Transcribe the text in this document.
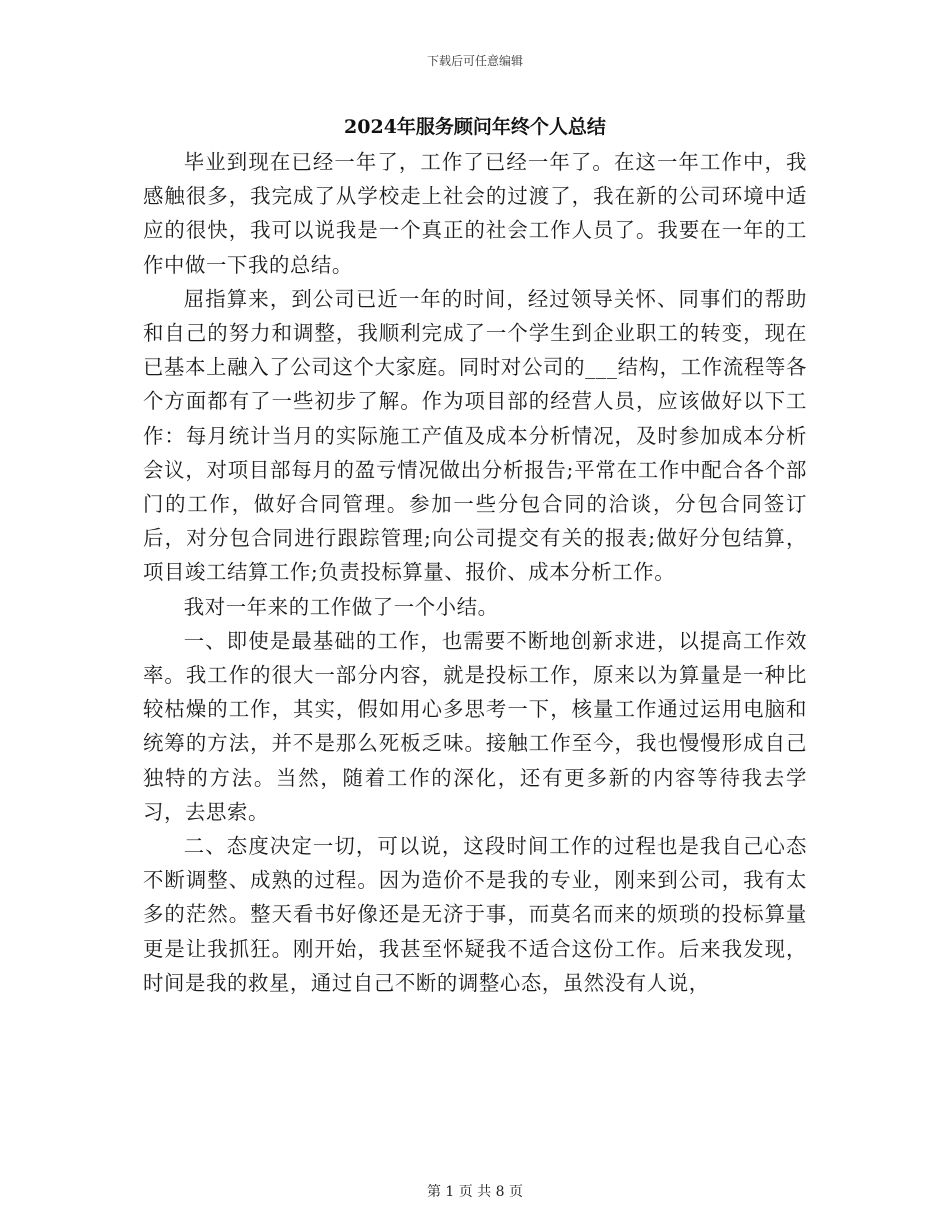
下载后可任意编辑
2024年服务顾问年终个人总结

毕业到现在已经一年了，工作了已经一年了。在这一年工作中，我感触很多，我完成了从学校走上社会的过渡了，我在新的公司环境中适应的很快，我可以说我是一个真正的社会工作人员了。我要在一年的工作中做一下我的总结。

屈指算来，到公司已近一年的时间，经过领导关怀、同事们的帮助和自己的努力和调整，我顺利完成了一个学生到企业职工的转变，现在已基本上融入了公司这个大家庭。同时对公司的___结构，工作流程等各个方面都有了一些初步了解。作为项目部的经营人员，应该做好以下工作：每月统计当月的实际施工产值及成本分析情况，及时参加成本分析会议，对项目部每月的盈亏情况做出分析报告;平常在工作中配合各个部门的工作，做好合同管理。参加一些分包合同的洽谈，分包合同签订后，对分包合同进行跟踪管理;向公司提交有关的报表;做好分包结算，项目竣工结算工作;负责投标算量、报价、成本分析工作。

我对一年来的工作做了一个小结。

一、即使是最基础的工作，也需要不断地创新求进，以提高工作效率。我工作的很大一部分内容，就是投标工作，原来以为算量是一种比较枯燥的工作，其实，假如用心多思考一下，核量工作通过运用电脑和统筹的方法，并不是那么死板乏味。接触工作至今，我也慢慢形成自己独特的方法。当然，随着工作的深化，还有更多新的内容等待我去学习，去思索。

二、态度决定一切，可以说，这段时间工作的过程也是我自己心态不断调整、成熟的过程。因为造价不是我的专业，刚来到公司，我有太多的茫然。整天看书好像还是无济于事，而莫名而来的烦琐的投标算量更是让我抓狂。刚开始，我甚至怀疑我不适合这份工作。后来我发现，时间是我的救星，通过自己不断的调整心态，虽然没有人说，

第 1 页 共 8 页
